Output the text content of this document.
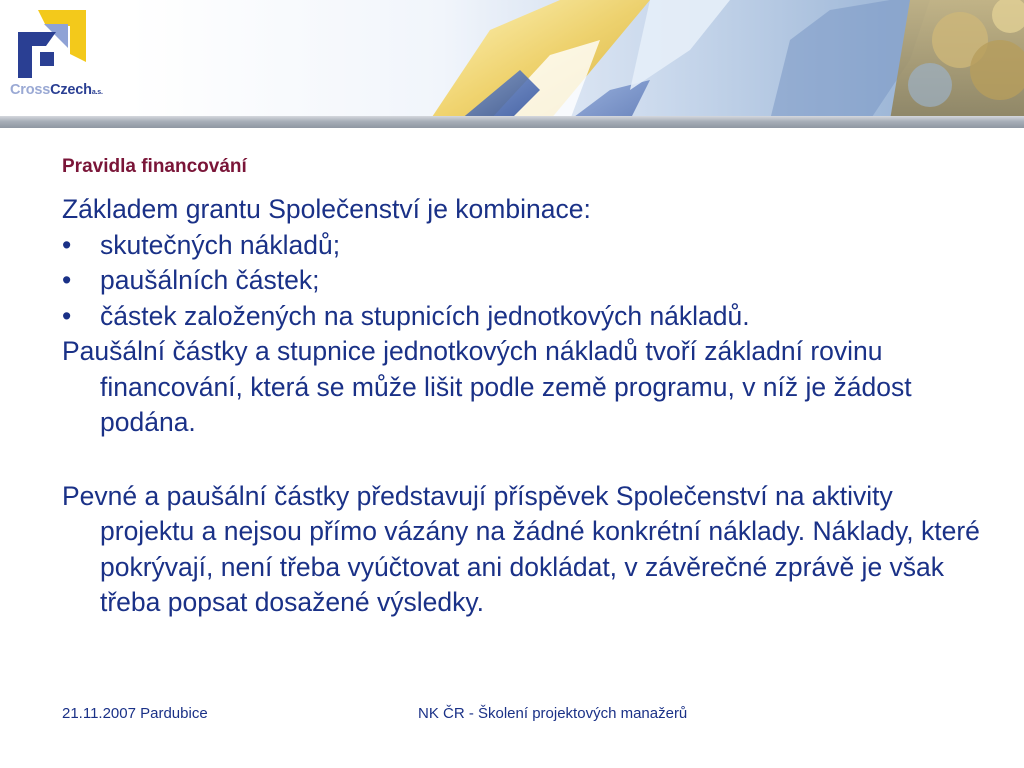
CrossCzecha.s.
Pravidla financování

Základem grantu Společenství je kombinace:

• skutečných nákladů;
• paušálních částek;
• částek založených na stupnicích jednotkových nákladů.

Paušální částky a stupnice jednotkových nákladů tvoří základní rovinu financování, která se může lišit podle země programu, v níž je žádost podána.

Pevné a paušální částky představují příspěvek Společenství na aktivity projektu a nejsou přímo vázány na žádné konkrétní náklady. Náklady, které pokrývají, není třeba vyúčtovat ani dokládat, v závěrečné zprávě je však třeba popsat dosažené výsledky.

21.11.2007 Pardubice	NK ČR - Školení projektových manažerů
